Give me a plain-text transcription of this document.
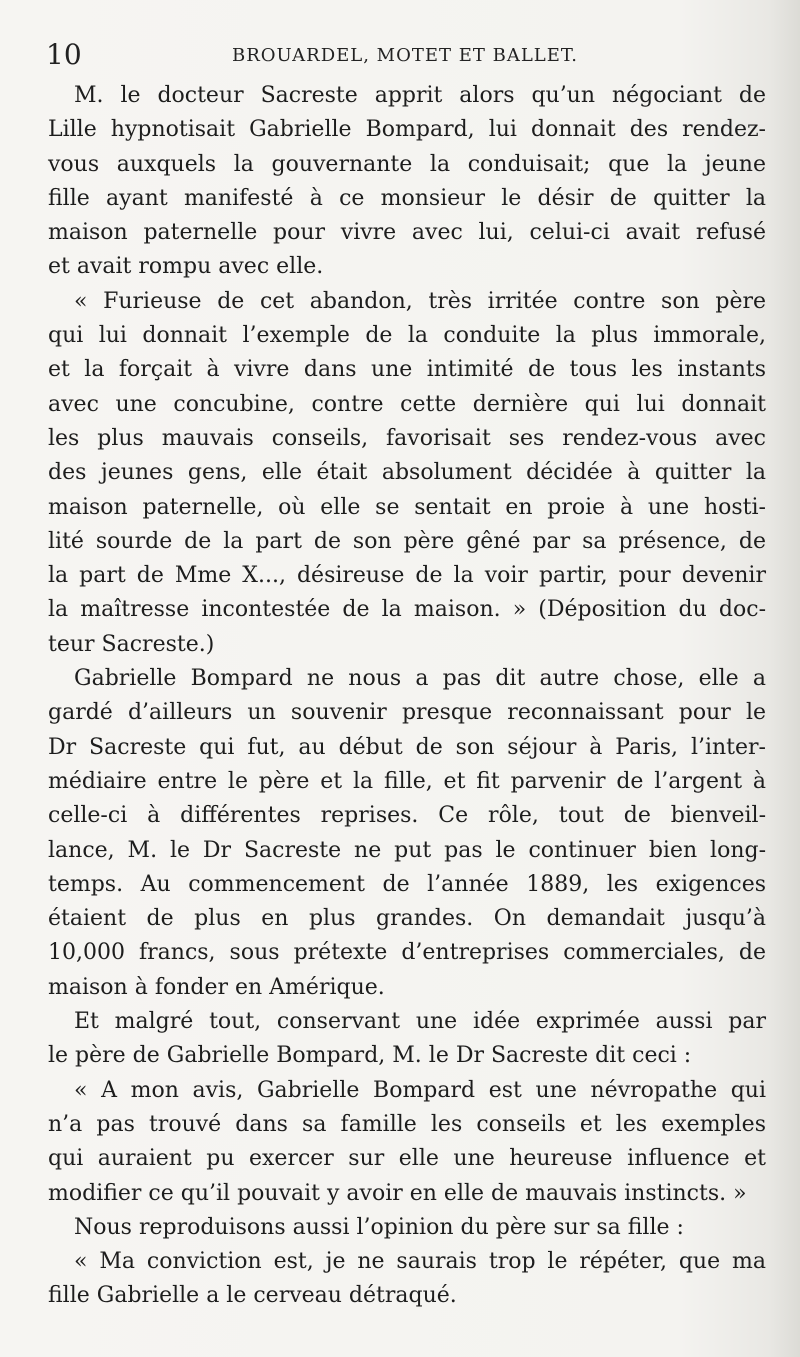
10	BROUARDEL, MOTET ET BALLET.
M. le docteur Sacreste apprit alors qu’un négociant de
Lille hypnotisait Gabrielle Bompard, lui donnait des rendez-
vous auxquels la gouvernante la conduisait; que la jeune
fille ayant manifesté à ce monsieur le désir de quitter la
maison paternelle pour vivre avec lui, celui-ci avait refusé
et avait rompu avec elle.
« Furieuse de cet abandon, très irritée contre son père
qui lui donnait l’exemple de la conduite la plus immorale,
et la forçait à vivre dans une intimité de tous les instants
avec une concubine, contre cette dernière qui lui donnait
les plus mauvais conseils, favorisait ses rendez-vous avec
des jeunes gens, elle était absolument décidée à quitter la
maison paternelle, où elle se sentait en proie à une hosti-
lité sourde de la part de son père gêné par sa présence, de
la part de Mme X..., désireuse de la voir partir, pour devenir
la maîtresse incontestée de la maison. » (Déposition du doc-
teur Sacreste.)
Gabrielle Bompard ne nous a pas dit autre chose, elle a
gardé d’ailleurs un souvenir presque reconnaissant pour le
Dr Sacreste qui fut, au début de son séjour à Paris, l’inter-
médiaire entre le père et la fille, et fit parvenir de l’argent à
celle-ci à différentes reprises. Ce rôle, tout de bienveil-
lance, M. le Dr Sacreste ne put pas le continuer bien long-
temps. Au commencement de l’année 1889, les exigences
étaient de plus en plus grandes. On demandait jusqu’à
10,000 francs, sous prétexte d’entreprises commerciales, de
maison à fonder en Amérique.
Et malgré tout, conservant une idée exprimée aussi par
le père de Gabrielle Bompard, M. le Dr Sacreste dit ceci :
« A mon avis, Gabrielle Bompard est une névropathe qui
n’a pas trouvé dans sa famille les conseils et les exemples
qui auraient pu exercer sur elle une heureuse influence et
modifier ce qu’il pouvait y avoir en elle de mauvais instincts. »
Nous reproduisons aussi l’opinion du père sur sa fille :
« Ma conviction est, je ne saurais trop le répéter, que ma
fille Gabrielle a le cerveau détraqué.
